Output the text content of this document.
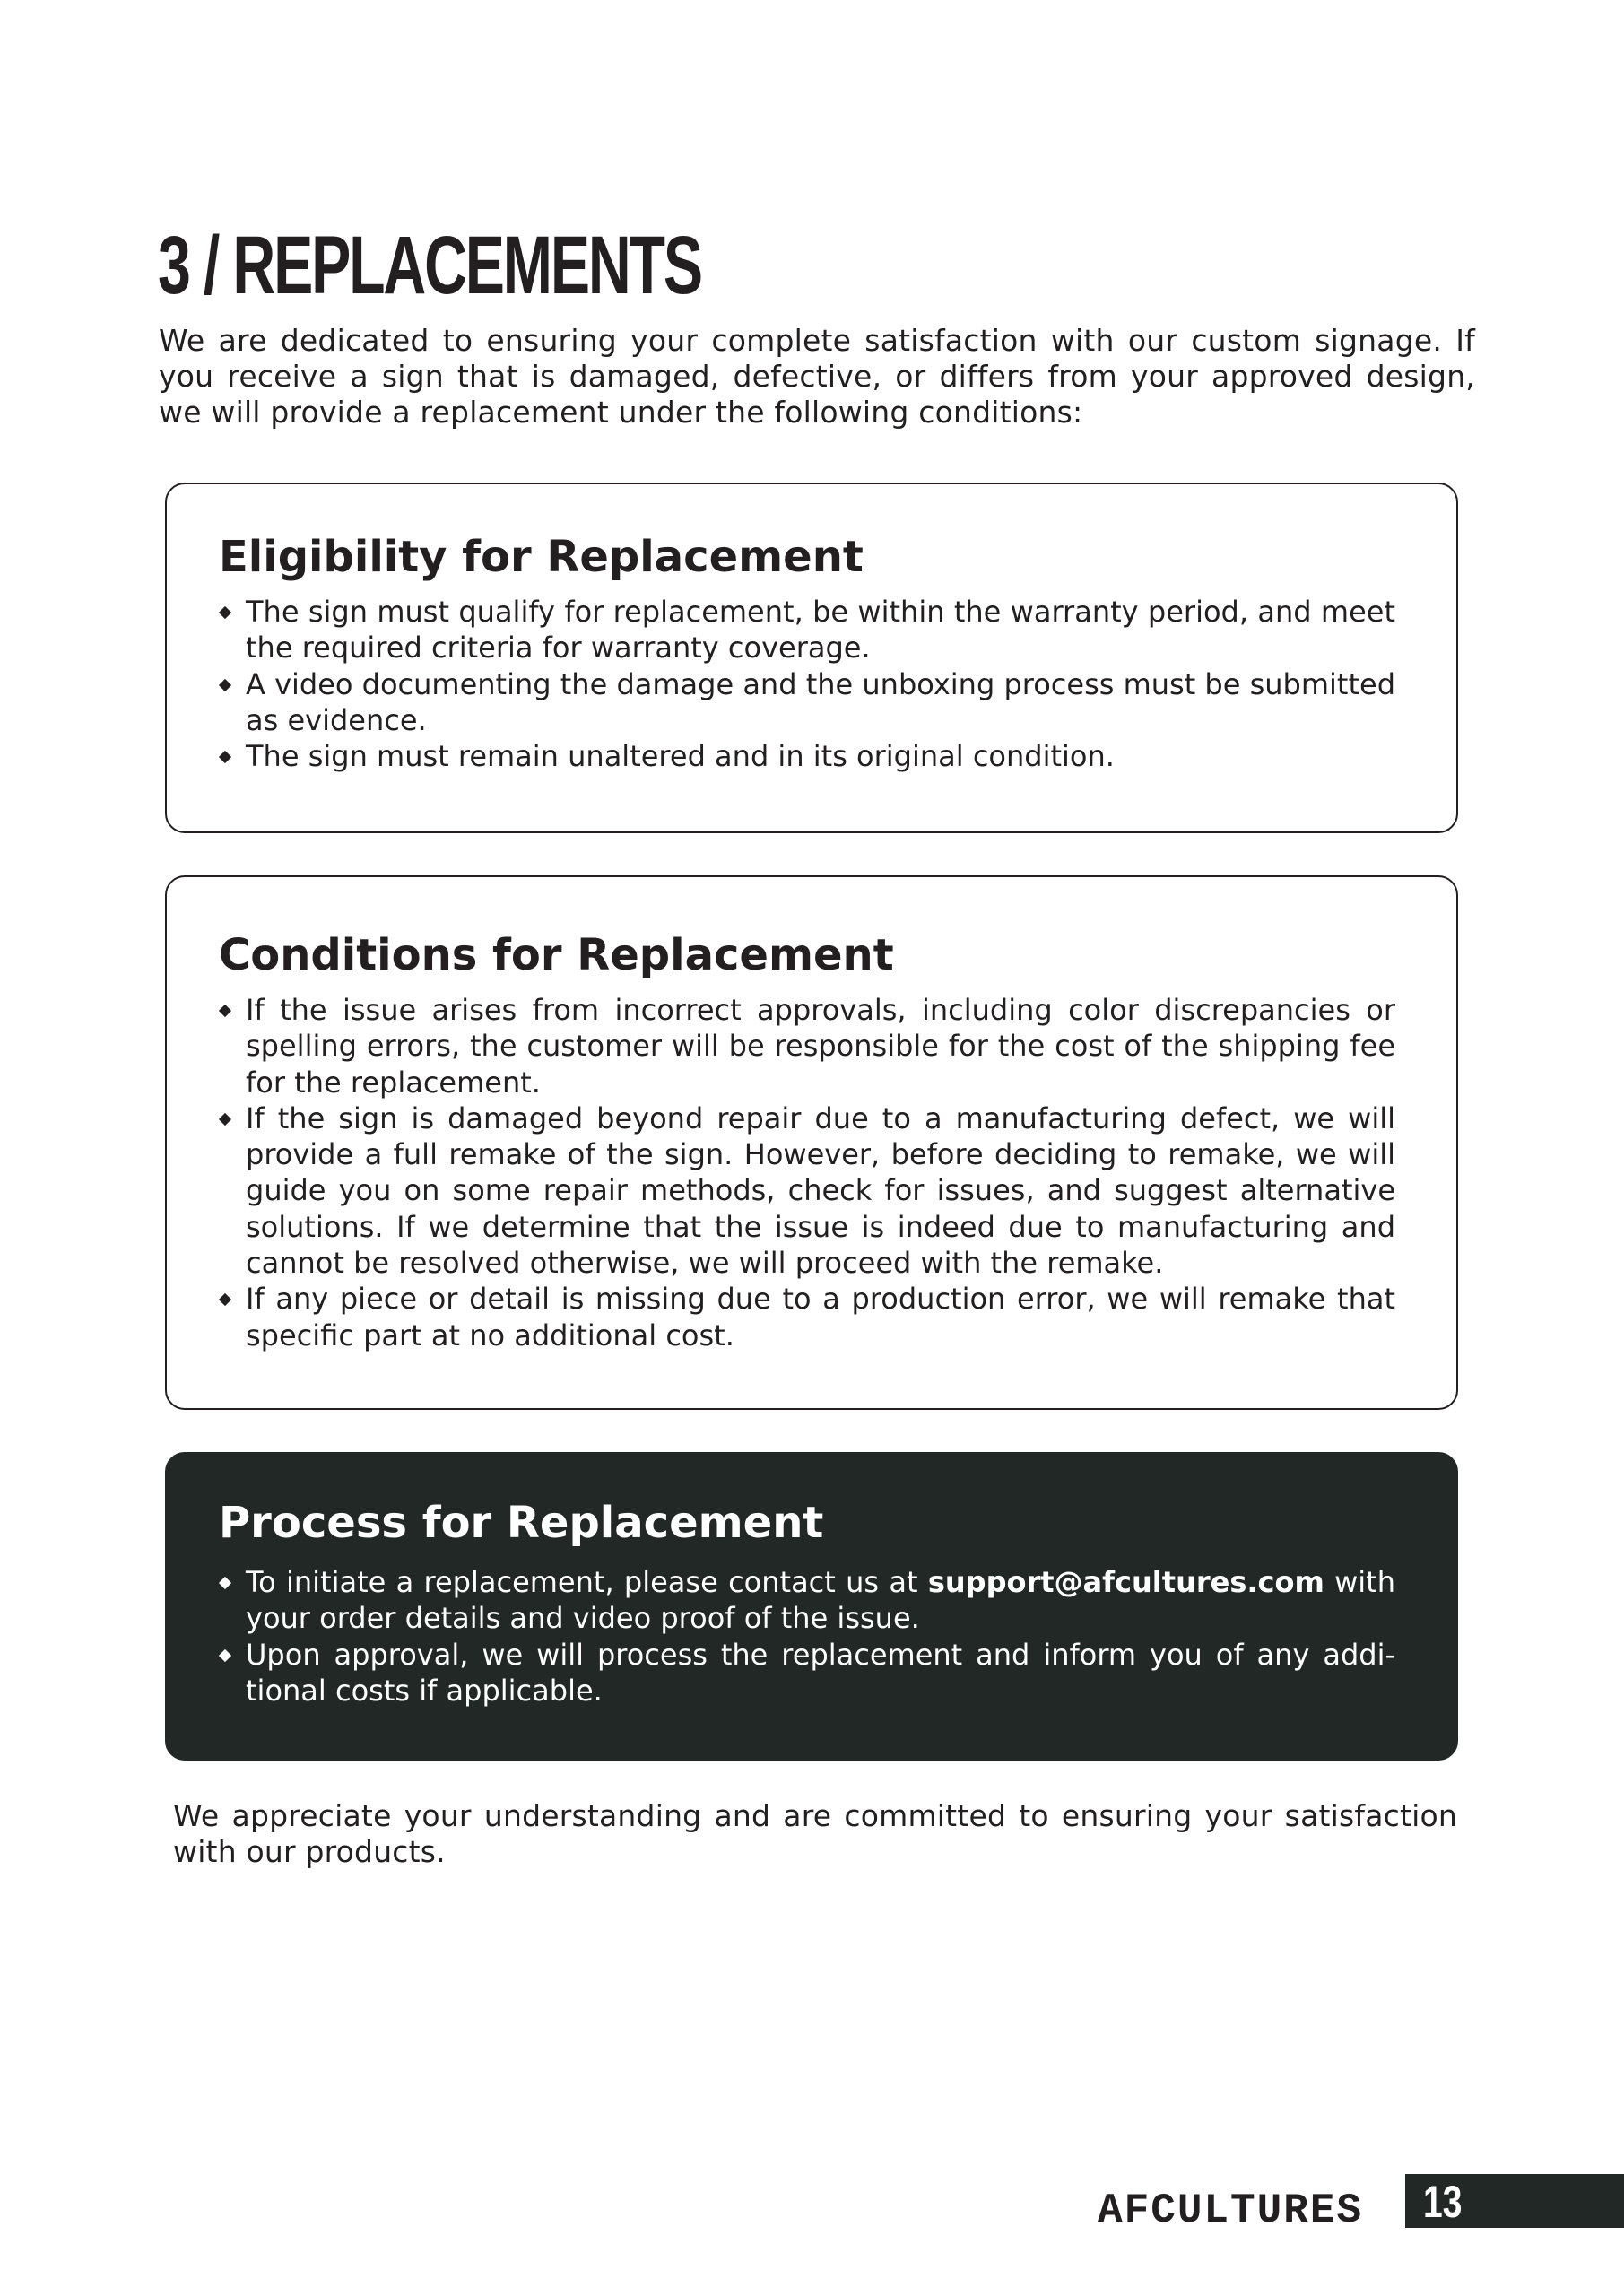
3 / REPLACEMENTS

We are dedicated to ensuring your complete satisfaction with our custom signage. If you receive a sign that is damaged, defective, or differs from your approved design, we will provide a replacement under the following conditions:

Eligibility for Replacement
The sign must qualify for replacement, be within the warranty period, and meet the required criteria for warranty coverage.
A video documenting the damage and the unboxing process must be submitted as evidence.
The sign must remain unaltered and in its original condition.
Conditions for Replacement
If the issue arises from incorrect approvals, including color discrepancies or spelling errors, the customer will be responsible for the cost of the shipping fee for the replacement.
If the sign is damaged beyond repair due to a manufacturing defect, we will provide a full remake of the sign. However, before deciding to remake, we will guide you on some repair methods, check for issues, and suggest alternative solutions. If we determine that the issue is indeed due to manufacturing and cannot be resolved otherwise, we will proceed with the remake.
If any piece or detail is missing due to a production error, we will remake that specific part at no additional cost.
Process for Replacement
To initiate a replacement, please contact us at support@afcultures.com with your order details and video proof of the issue.
Upon approval, we will process the replacement and inform you of any additional costs if applicable.

We appreciate your understanding and are committed to ensuring your satisfaction with our products.

AFCULTURES 13
